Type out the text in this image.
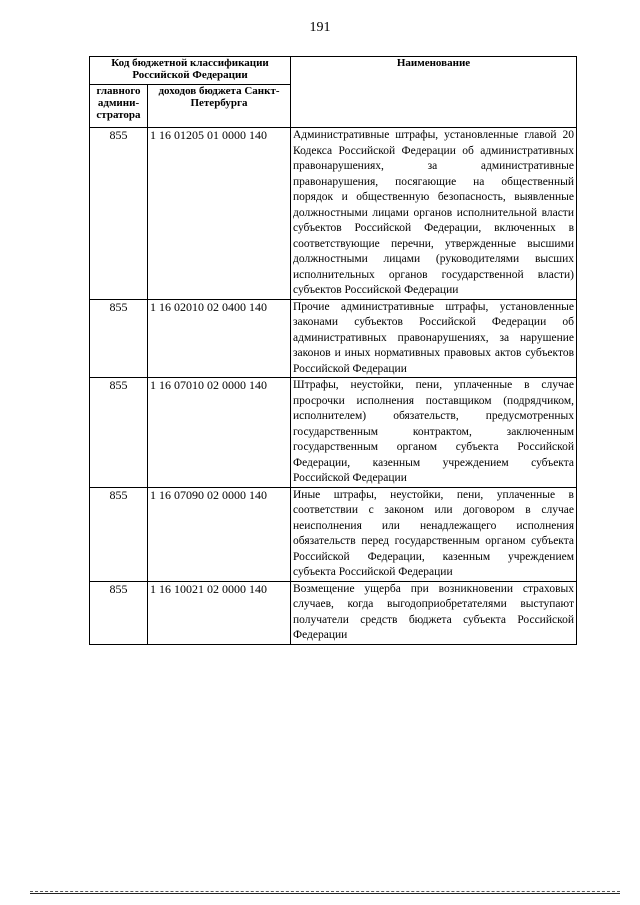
191
Код бюджетной классификации Российской Федерации		Наименование
главного админи-стратора	доходов бюджета Санкт-Петербурга	
855	1 16 01205 01 0000 140	Административные штрафы, установленные главой 20 Кодекса Российской Федерации об административных правонарушениях, за административные правонарушения, посягающие на общественный порядок и общественную безопасность, выявленные должностными лицами органов исполнительной власти субъектов Российской Федерации, включенных в соответствующие перечни, утвержденные высшими должностными лицами (руководителями высших исполнительных органов государственной власти) субъектов Российской Федерации
855	1 16 02010 02 0400 140	Прочие административные штрафы, установленные законами субъектов Российской Федерации об административных правонарушениях, за нарушение законов и иных нормативных правовых актов субъектов Российской Федерации
855	1 16 07010 02 0000 140	Штрафы, неустойки, пени, уплаченные в случае просрочки исполнения поставщиком (подрядчиком, исполнителем) обязательств, предусмотренных государственным контрактом, заключенным государственным органом субъекта Российской Федерации, казенным учреждением субъекта Российской Федерации
855	1 16 07090 02 0000 140	Иные штрафы, неустойки, пени, уплаченные в соответствии с законом или договором в случае неисполнения или ненадлежащего исполнения обязательств перед государственным органом субъекта Российской Федерации, казенным учреждением субъекта Российской Федерации
855	1 16 10021 02 0000 140	Возмещение ущерба при возникновении страховых случаев, когда выгодоприобретателями выступают получатели средств бюджета субъекта Российской Федерации
